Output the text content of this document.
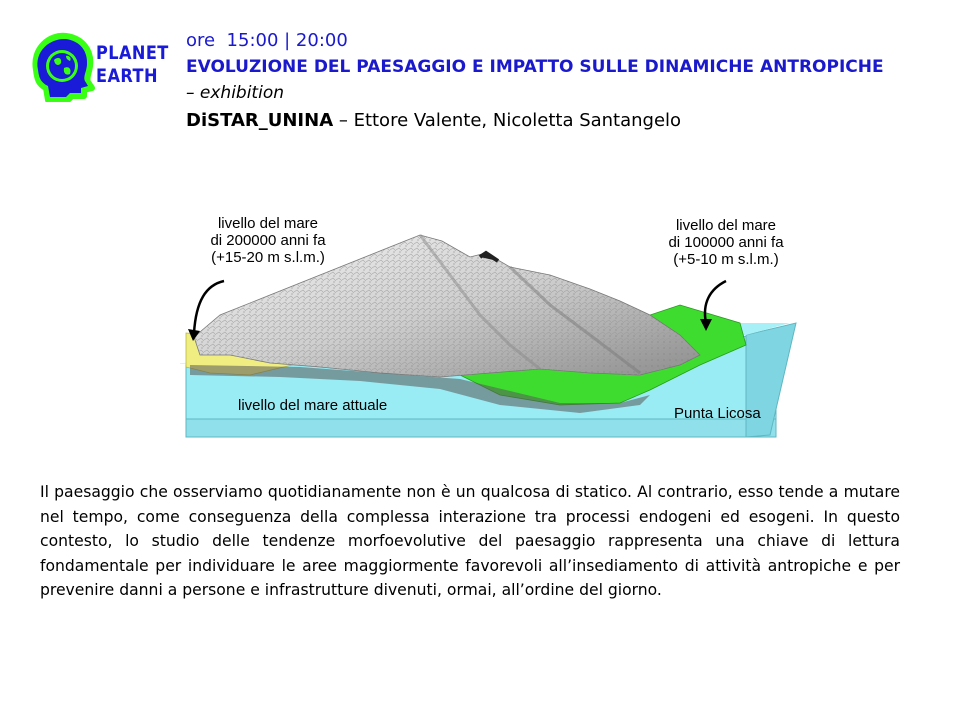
PLANET
EARTH
ore  15:00 | 20:00
EVOLUZIONE DEL PAESAGGIO E IMPATTO SULLE DINAMICHE ANTROPICHE
– exhibition
DiSTAR_UNINA – Ettore Valente, Nicoletta Santangelo
livello del mare
di 200000 anni fa
(+15-20 m s.l.m.)
livello del mare
di 100000 anni fa
(+5-10 m s.l.m.)
livello del mare attuale	Punta Licosa
Il paesaggio che osserviamo quotidianamente non è un qualcosa di statico. Al contrario, esso tende a mutare nel tempo, come conseguenza della complessa interazione tra processi endogeni ed esogeni. In questo contesto, lo studio delle tendenze morfoevolutive del paesaggio rappresenta una chiave di lettura fondamentale per individuare le aree maggiormente favorevoli all’insediamento di attività antropiche e per prevenire danni a persone e infrastrutture divenuti, ormai, all’ordine del giorno.
